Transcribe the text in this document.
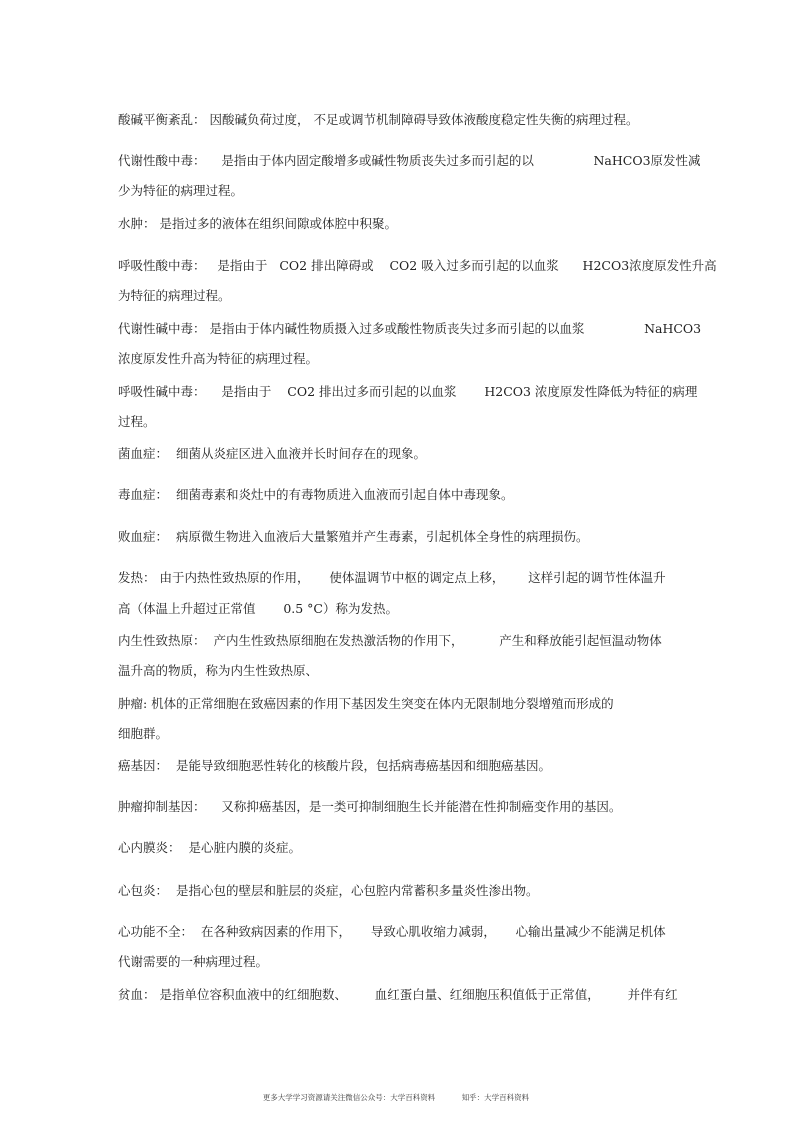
酸碱平衡紊乱： 因酸碱负荷过度， 不足或调节机制障碍导致体液酸度稳定性失衡的病理过程。
代谢性酸中毒：    是指由于体内固定酸增多或碱性物质丧失过多而引起的以               NaHCO3原发性减
少为特征的病理过程。
水肿： 是指过多的液体在组织间隙或体腔中积聚。
呼吸性酸中毒：   是指由于   CO2 排出障碍或    CO2 吸入过多而引起的以血浆      H2CO3浓度原发性升高
为特征的病理过程。
代谢性碱中毒： 是指由于体内碱性物质摄入过多或酸性物质丧失过多而引起的以血浆               NaHCO3
浓度原发性升高为特征的病理过程。
呼吸性碱中毒：    是指由于    CO2 排出过多而引起的以血浆       H2CO3 浓度原发性降低为特征的病理
过程。
菌血症：  细菌从炎症区进入血液并长时间存在的现象。
毒血症：  细菌毒素和炎灶中的有毒物质进入血液而引起自体中毒现象。
败血症：  病原微生物进入血液后大量繁殖并产生毒素，引起机体全身性的病理损伤。
发热： 由于内热性致热原的作用，     使体温调节中枢的调定点上移，      这样引起的调节性体温升
高（体温上升超过正常值       0.5 °C）称为发热。
内生性致热原：  产内生性致热原细胞在发热激活物的作用下，         产生和释放能引起恒温动物体
温升高的物质，称为内生性致热原、
肿瘤: 机体的正常细胞在致癌因素的作用下基因发生突变在体内无限制地分裂增殖而形成的
细胞群。
癌基因：  是能导致细胞恶性转化的核酸片段，包括病毒癌基因和细胞癌基因。
肿瘤抑制基因：    又称抑癌基因，是一类可抑制细胞生长并能潜在性抑制癌变作用的基因。
心内膜炎：  是心脏内膜的炎症。
心包炎：  是指心包的壁层和脏层的炎症，心包腔内常蓄积多量炎性渗出物。
心功能不全：  在各种致病因素的作用下，     导致心肌收缩力减弱，     心输出量减少不能满足机体
代谢需要的一种病理过程。
贫血： 是指单位容积血液中的红细胞数、       血红蛋白量、红细胞压积值低于正常值，       并伴有红
更多大学学习资源请关注微信公众号：大学百科资料	知乎：大学百科资料
